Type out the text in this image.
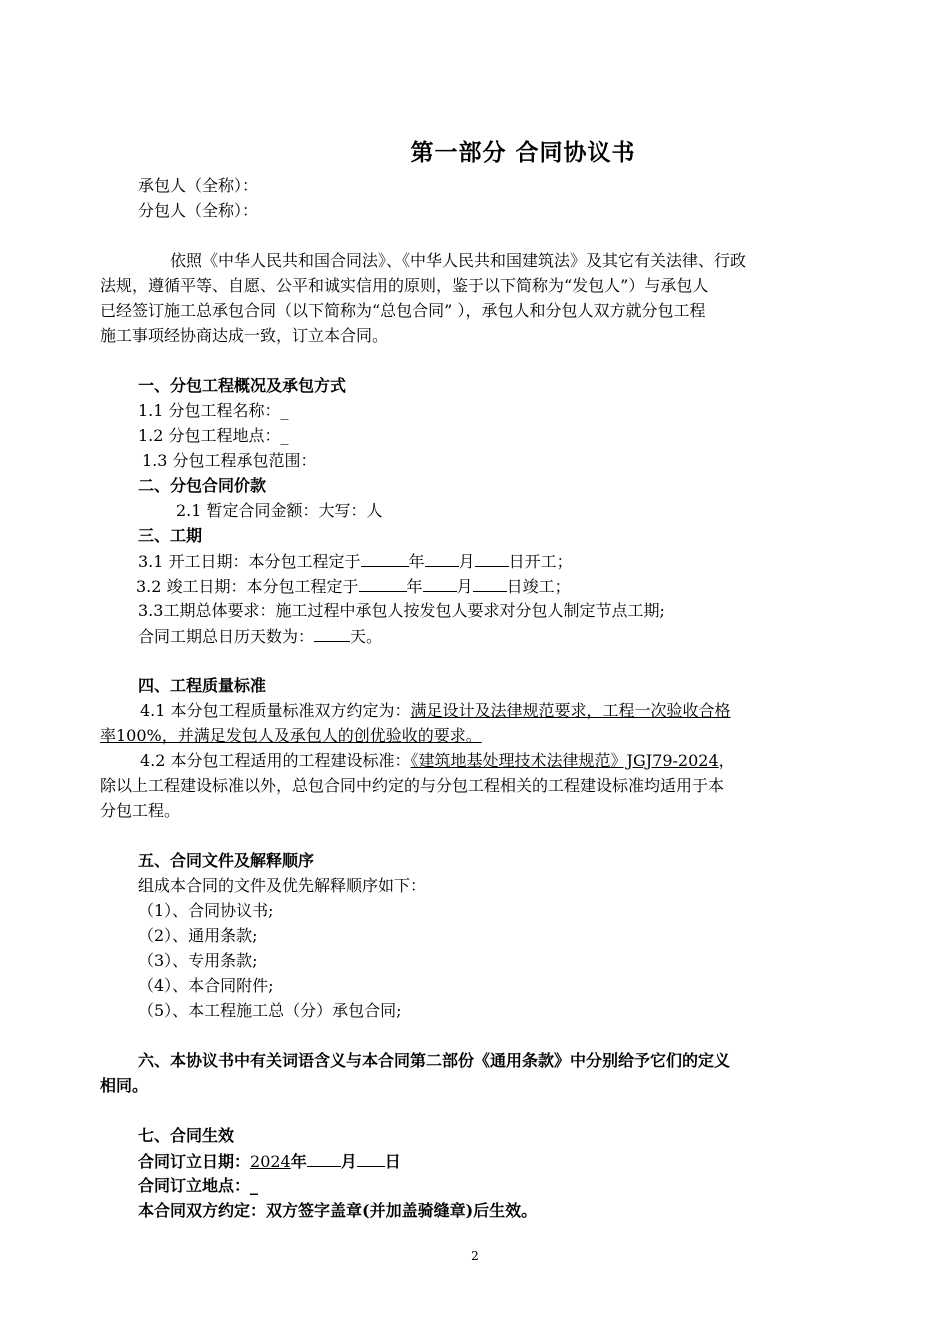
第一部分 合同协议书

承包人（全称）：

分包人（全称）：

依照《中华人民共和国合同法》、《中华人民共和国建筑法》及其它有关法律、行政

法规，遵循平等、自愿、公平和诚实信用的原则，鉴于以下简称为“发包人”）与承包人

已经签订施工总承包合同（以下简称为“总包合同” ），承包人和分包人双方就分包工程

施工事项经协商达成一致，订立本合同。

一、分包工程概况及承包方式

1.1 分包工程名称：_

1.2 分包工程地点：_

1.3 分包工程承包范围：

二、分包合同价款

2.1 暂定合同金额：大写：人

三、工期

3.1 开工日期：本分包工程定于	年 月 日开工；

3.2 竣工日期：本分包工程定于	年 月 日竣工；

3.3工期总体要求：施工过程中承包人按发包人要求对分包人制定节点工期;

合同工期总日历天数为： 天。

四、工程质量标准

4.1 本分包工程质量标准双方约定为：满足设计及法律规范要求，工程一次验收合格

率100%，并满足发包人及承包人的创优验收的要求。

4.2 本分包工程适用的工程建设标准：《建筑地基处理技术法律规范》JGJ79-2024，

除以上工程建设标准以外，总包合同中约定的与分包工程相关的工程建设标准均适用于本

分包工程。

五、合同文件及解释顺序

组成本合同的文件及优先解释顺序如下：

（1）、合同协议书;

（2）、通用条款;

（3）、专用条款;

（4）、本合同附件;

（5）、本工程施工总（分）承包合同;

六、本协议书中有关词语含义与本合同第二部份《通用条款》中分别给予它们的定义

相同。

七、合同生效

合同订立日期：2024年 月 日

合同订立地点：_

本合同双方约定：双方签字盖章(并加盖骑缝章)后生效。

2
